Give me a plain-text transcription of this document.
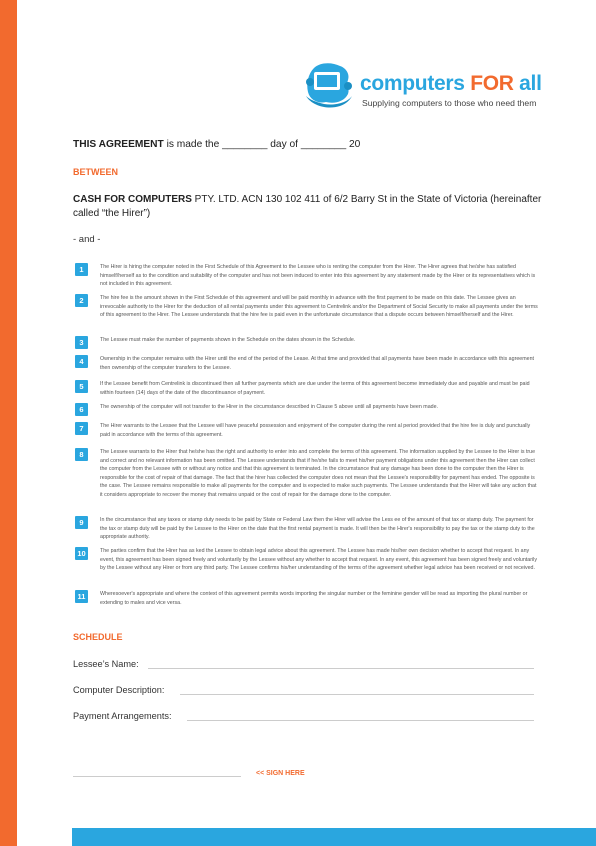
computers FOR all
Supplying computers to those who need them
THIS AGREEMENT is made the ________ day of ________ 20
BETWEEN
CASH FOR COMPUTERS PTY. LTD. ACN 130 102 411 of 6/2 Barry St in the State of Victoria (hereinafter called “the Hirer”)
- and -
1	The Hirer is hiring the computer noted in the First Schedule of this Agreement to the Lessee who is renting the computer from the Hirer. The Hirer agrees that he/she has satisfied himself/herself as to the condition and suitability of the computer and has not been induced to enter into this agreement by any statement made by the Hirer or its representatives which is not included in this agreement.
2	The hire fee is the amount shown in the First Schedule of this agreement and will be paid monthly in advance with the first payment to be made on this date. The Lessee gives an irrevocable authority to the Hirer for the deduction of all rental payments under this agreement to Centrelink and/or the Department of Social Security to make all payments under the terms of this agreement to the Hirer. The Lessee understands that the hire fee is paid even in the unfortunate circumstance that a dispute occurs between himself/herself and the Hirer.
3	The Lessee must make the number of payments shown in the Schedule on the dates shown in the Schedule.
4	Ownership in the computer remains with the Hirer until the end of the period of the Lease. At that time and provided that all payments have been made in accordance with this agreement then ownership of the computer transfers to the Lessee.
5	If the Lessee benefit from Centrelink is discontinued then all further payments which are due under the terms of this agreement become immediately due and payable and must be paid within fourteen (14) days of the date of the discontinuance of payment.
6	The ownership of the computer will not transfer to the Hirer in the circumstance described in Clause 5 above until all payments have been made.
7	The Hirer warrants to the Lessee that the Lessee will have peaceful possession and enjoyment of the computer during the rent al period provided that the hire fee is duly and punctually paid in accordance with the terms of this agreement.
8	The Lessee warrants to the Hirer that he/she has the right and authority to enter into and complete the terms of this agreement. The information supplied by the Lessee to the Hirer is true and correct and no relevant information has been omitted. The Lessee understands that if he/she fails to meet his/her payment obligations under this agreement then the Hirer can collect the computer from the Lessee with or without any notice and that this agreement is terminated. In the circumstance that any damage has been done to the computer then the Hirer is responsible for the cost of repair of that damage. The fact that the hirer has collected the computer does not mean that the Lessee's responsibility for payment has ended. The opposite is the case. The Lessee remains responsible to make all payments for the computer and is expected to make such payments. The Lessee understands that the Hirer will take any action that it considers appropriate to recover the money that remains unpaid or the cost of repair for the damage done to the computer.
9	In the circumstance that any taxes or stamp duty needs to be paid by State or Federal Law then the Hirer will advise the Less ee of the amount of that tax or stamp duty. The payment for the tax or stamp duty will be paid by the Lessee to the Hirer on the date that the first rental payment is made. It will then be the Hirer's responsibility to pay the tax or the stamp duty to the appropriate authority.
10	The parties confirm that the Hirer has as ked the Lessee to obtain legal advice about this agreement. The Lessee has made his/her own decision whether to accept that request. In any event, this agreement has been signed freely and voluntarily by the Lessee without any whether to accept that request. In any event, this agreement has been signed freely and voluntarily by the Lessee without any Hirer or from any third party. The Lessee confirms his/her understanding of the terms of the agreement whether legal advice has been received or not received.
11	Wheresoever's appropriate and where the context of this agreement permits words importing the singular number or the feminine gender will be read as importing the plural number or extending to males and vice versa.
SCHEDULE
Lessee’s Name:
Computer Description:
Payment Arrangements:
<< SIGN HERE
